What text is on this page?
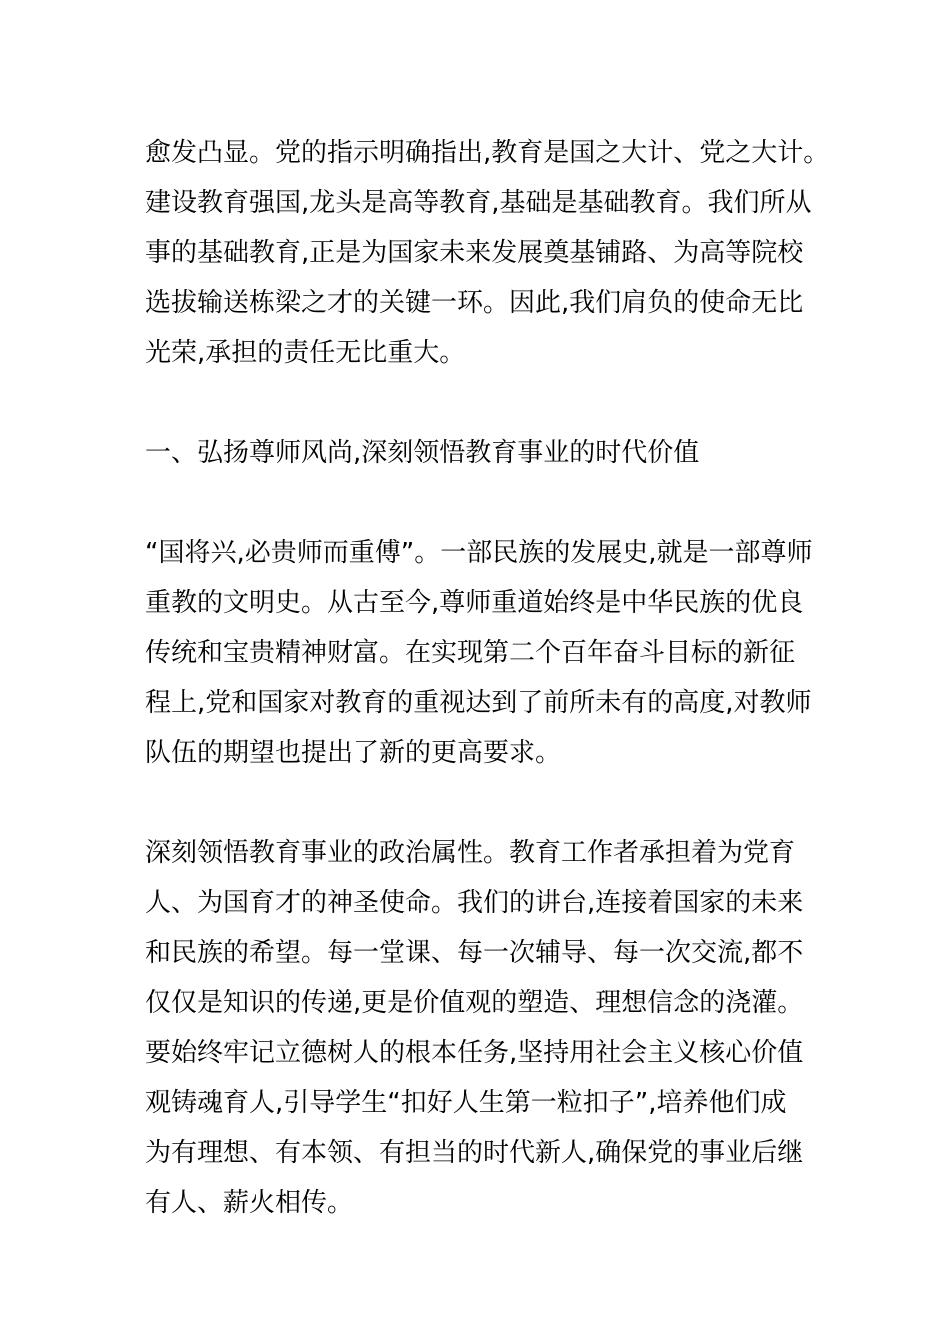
愈发凸显。党的指示明确指出,教育是国之大计、党之大计。
建设教育强国,龙头是高等教育,基础是基础教育。我们所从
事的基础教育,正是为国家未来发展奠基铺路、为高等院校
选拔输送栋梁之才的关键一环。因此,我们肩负的使命无比
光荣,承担的责任无比重大。
一、弘扬尊师风尚,深刻领悟教育事业的时代价值
“国将兴,必贵师而重傅”。一部民族的发展史,就是一部尊师
重教的文明史。从古至今,尊师重道始终是中华民族的优良
传统和宝贵精神财富。在实现第二个百年奋斗目标的新征
程上,党和国家对教育的重视达到了前所未有的高度,对教师
队伍的期望也提出了新的更高要求。
深刻领悟教育事业的政治属性。教育工作者承担着为党育
人、为国育才的神圣使命。我们的讲台,连接着国家的未来
和民族的希望。每一堂课、每一次辅导、每一次交流,都不
仅仅是知识的传递,更是价值观的塑造、理想信念的浇灌。
要始终牢记立德树人的根本任务,坚持用社会主义核心价值
观铸魂育人,引导学生“扣好人生第一粒扣子”,培养他们成
为有理想、有本领、有担当的时代新人,确保党的事业后继
有人、薪火相传。
